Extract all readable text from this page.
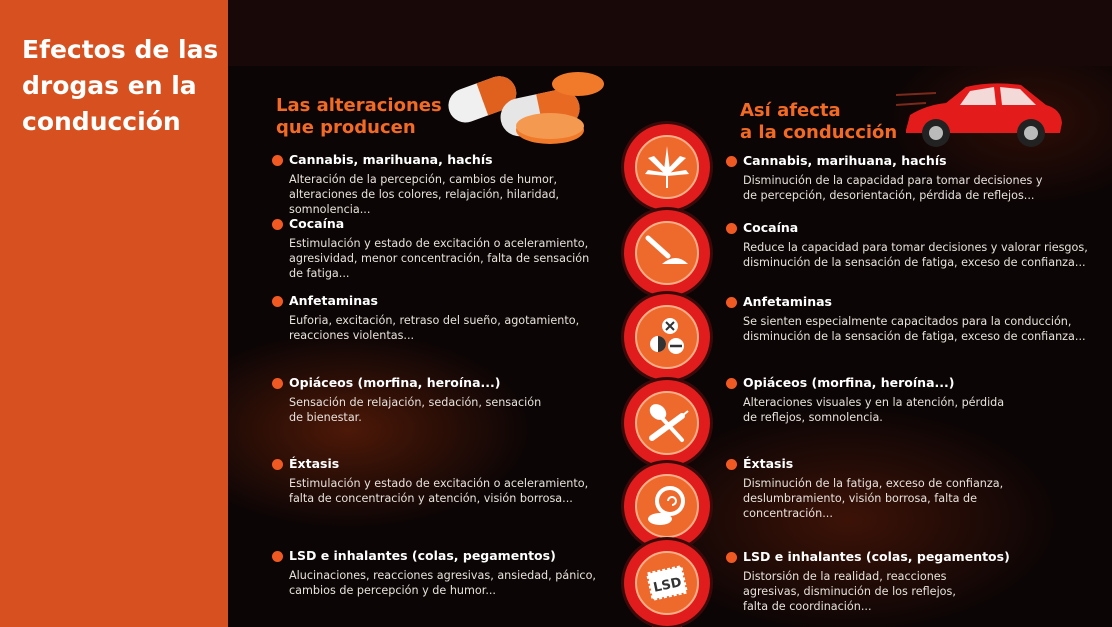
Efectos de las
drogas en la
conducción
Las alteraciones
que producen
Así afecta
a la conducción
Cannabis, marihuana, hachís
Alteración de la percepción, cambios de humor,
alteraciones de los colores, relajación, hilaridad, somnolencia...
Cocaína
Estimulación y estado de excitación o aceleramiento,
agresividad, menor concentración, falta de sensación
de fatiga...
Anfetaminas
Euforia, excitación, retraso del sueño, agotamiento,
reacciones violentas...
Opiáceos (morfina, heroína...)
Sensación de relajación, sedación, sensación
de bienestar.
Éxtasis
Estimulación y estado de excitación o aceleramiento,
falta de concentración y atención, visión borrosa...
LSD e inhalantes (colas, pegamentos)
Alucinaciones, reacciones agresivas, ansiedad, pánico,
cambios de percepción y de humor...
Cannabis, marihuana, hachís
Disminución de la capacidad para tomar decisiones y
de percepción, desorientación, pérdida de reflejos...
Cocaína
Reduce la capacidad para tomar decisiones y valorar riesgos,
disminución de la sensación de fatiga, exceso de confianza...
Anfetaminas
Se sienten especialmente capacitados para la conducción,
disminución de la sensación de fatiga, exceso de confianza...
Opiáceos (morfina, heroína...)
Alteraciones visuales y en la atención, pérdida
de reflejos, somnolencia.
Éxtasis
Disminución de la fatiga, exceso de confianza,
deslumbramiento, visión borrosa, falta de
concentración...
LSD e inhalantes (colas, pegamentos)
Distorsión de la realidad, reacciones
agresivas, disminución de los reflejos,
falta de coordinación...
LSD
